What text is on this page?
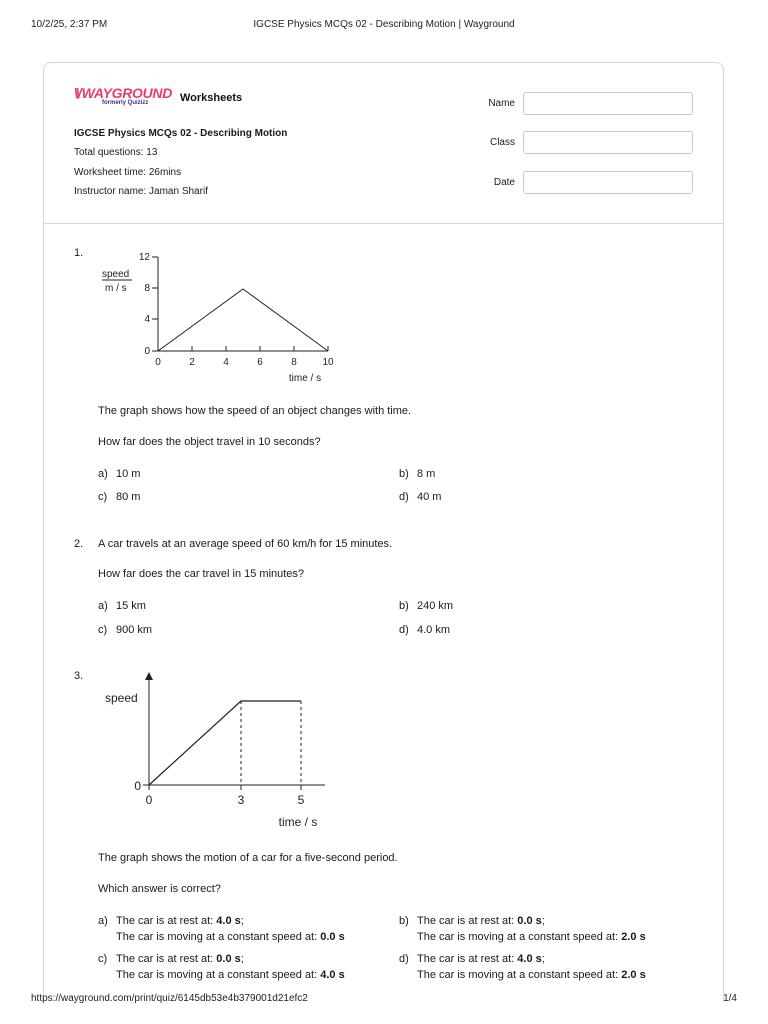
10/2/25, 2:37 PM	IGCSE Physics MCQs 02 - Describing Motion | Wayground
\\/ WAYGROUND
formerly Quizizz	Worksheets
IGCSE Physics MCQs 02 - Describing Motion
Total questions: 13
Worksheet time: 26mins
Instructor name: Jaman Sharif
Name
Class
Date
1.
speed
m / s
0
4
8
12
0	2	4	6	8	10
time / s
The graph shows how the speed of an object changes with time.
How far does the object travel in 10 seconds?
a) 10 m	b) 8 m
c) 80 m	d) 40 m
2. A car travels at an average speed of 60 km/h for 15 minutes.
How far does the car travel in 15 minutes?
a) 15 km	b) 240 km
c) 900 km	d) 4.0 km
3.
speed
0
0	3	5
time / s
The graph shows the motion of a car for a five-second period.
Which answer is correct?
a) The car is at rest at: 4.0 s;
The car is moving at a constant speed at: 0.0 s
b) The car is at rest at: 0.0 s;
The car is moving at a constant speed at: 2.0 s
c) The car is at rest at: 0.0 s;
The car is moving at a constant speed at: 4.0 s
d) The car is at rest at: 4.0 s;
The car is moving at a constant speed at: 2.0 s
https://wayground.com/print/quiz/6145db53e4b379001d21efc2	1/4
